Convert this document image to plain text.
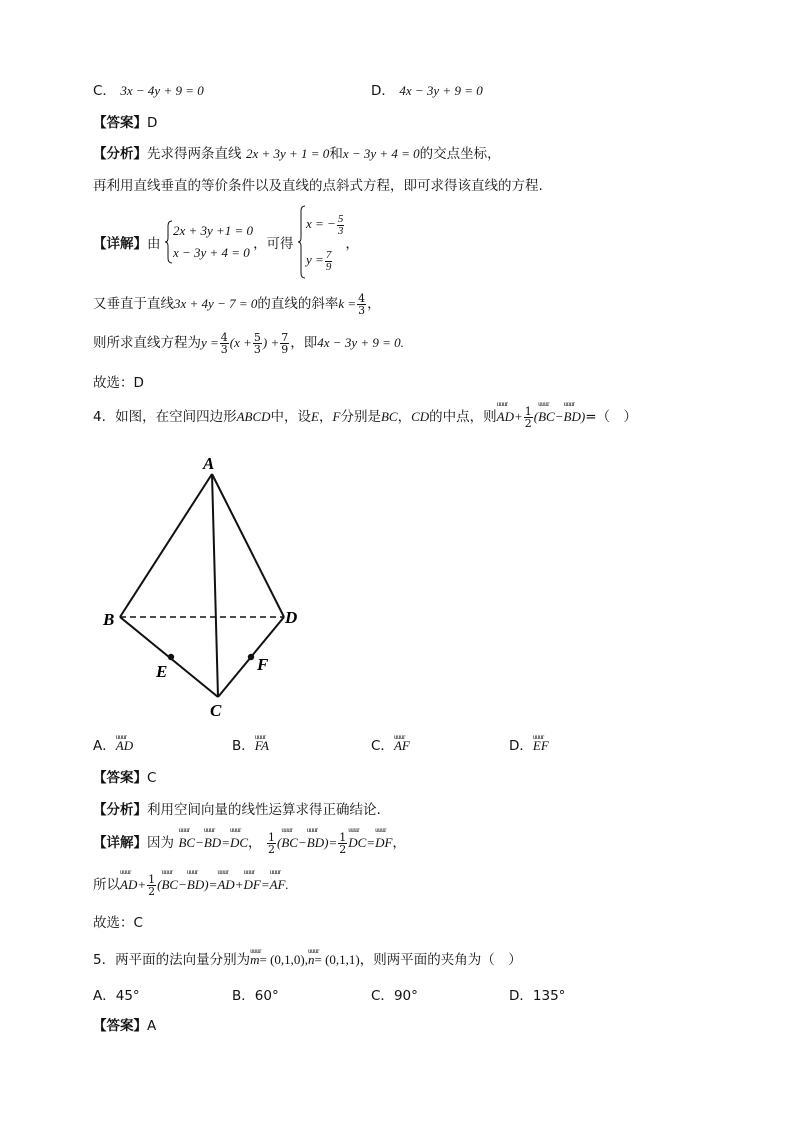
C． 3x − 4y + 9 = 0	D． 4x − 3y + 9 = 0
【答案】D
【分析】先求得两条直线 2x + 3y + 1 = 0和x − 3y + 4 = 0的交点坐标，
再利用直线垂直的等价条件以及直线的点斜式方程，即可求得该直线的方程.
【详解】由 2x + 3y +1 = 0
x − 3y + 4 = 0，可得 x = − $\frac{5}{3}$

$y = \frac{7}{9}$
，
又垂直于直线3x + 4y − 7 = 0的直线的斜率$k = \frac{4}{3}$ ，
则所求直线方程为$y = \frac{4}{3} (x + \frac{5}{3}$ ) + $\frac{7}{9}$ ，即4x − 3y + 9 = 0.
故选：D
4．如图，在空间四边形ABCD中，设E，F分别是BC，CD的中点，则uuur $AD+ \frac{1}{2}$ (uuur BC−uuur BD)=（　）
A
B
C
D
E	F
A．uuur AD	B．uuur FA	C．uuur AF	D．uuur EF
【答案】C
【分析】利用空间向量的线性运算求得正确结论.
【详解】因为 uuur BC−uuur BD=uuur DC， $\frac{1}{2}$ (uuur BC−uuur $BD)= \frac{1}{2}$ uuur DC=uuur DF，
所以uuur $AD+ \frac{1}{2}$ (uuur BC−uuur BD)=uuur AD+uuur DF=uuur AF.
故选：C
5．两平面的法向量分别为uuur m= (0,1,0),uuur n= (0,1,1)，则两平面的夹角为（　）
A．45°	B．60°	C．90°	D．135°
【答案】A
